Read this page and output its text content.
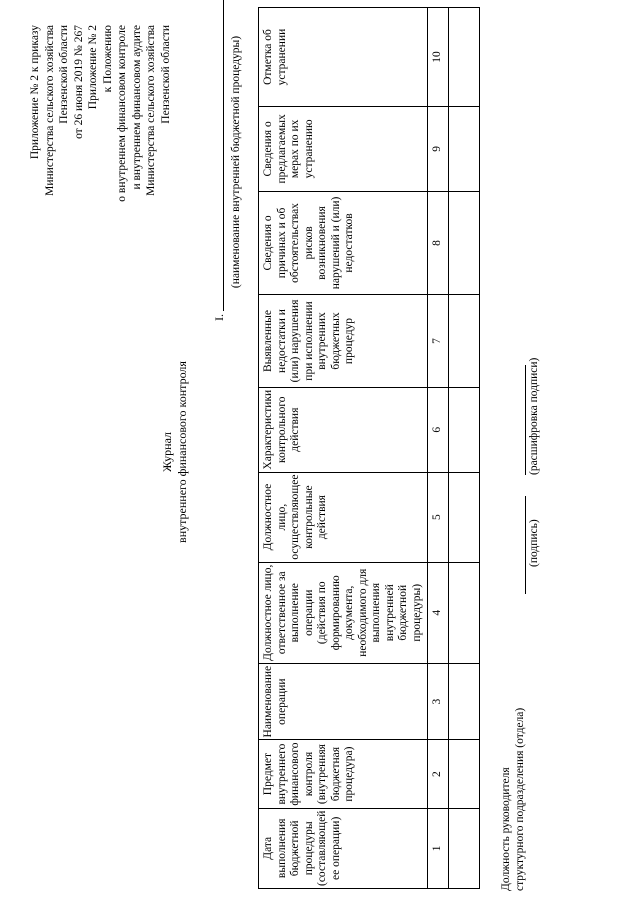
Приложение № 2 к приказу Министерства сельского хозяйства Пензенской области от 26 июня 2019 № 267 Приложение № 2 к Положению о внутреннем финансовом контроле и внутреннем финансовом аудите Министерства сельского хозяйства Пензенской области
Журнал внутреннего финансового контроля
I.
(наименование внутренней бюджетной процедуры)
Дата выполнения бюджетной процедуры (составляющей ее операции)	Предмет внутреннего финансового контроля (внутренняя бюджетная процедура)	Наименование операции	Должностное лицо, ответственное за выполнение операции (действия по формированию документа, необходимого для выполнения внутренней бюджетной процедуры)	Должностное лицо, осуществляющее контрольные действия	Характеристики контрольного действия	Выявленные недостатки и (или) нарушения при исполнении внутренних бюджетных процедур	Сведения о причинах и об обстоятельствах рисков возникновения нарушений и (или) недостатков	Сведения о предлагаемых мерах по их устранению	Отметка об устранении
1	2	3	4	5	6	7	8	9	10

Должность руководителя структурного подразделения (отдела)
(подпись)
(расшифровка подписи)
